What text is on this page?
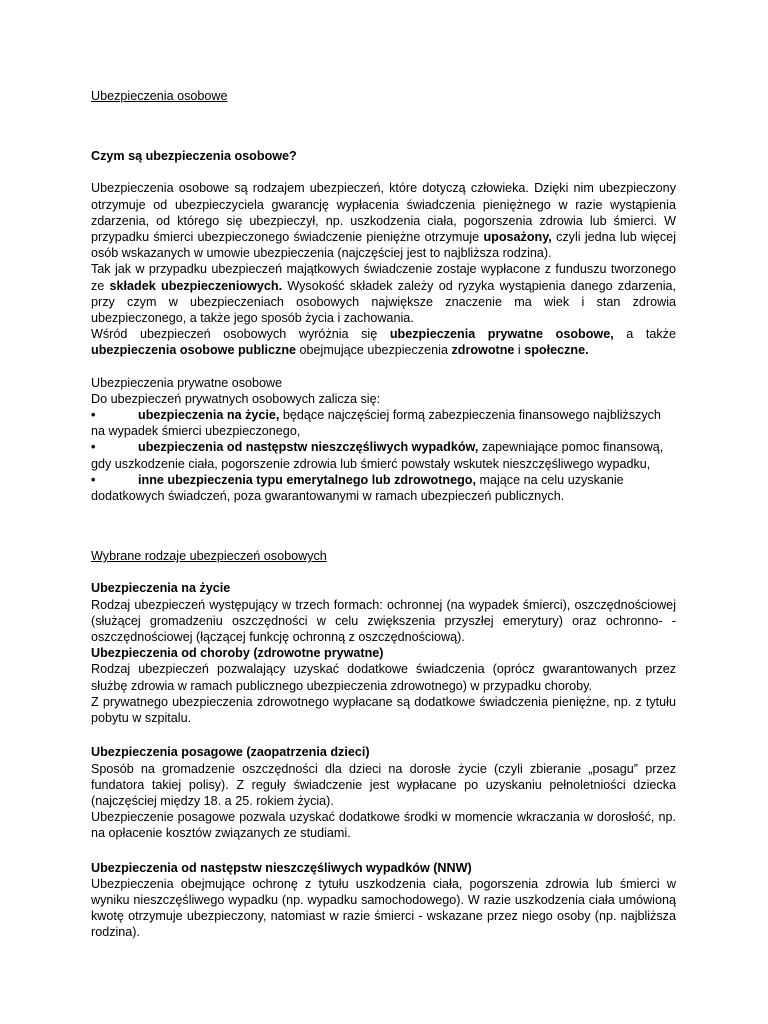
Ubezpieczenia osobowe

Czym są ubezpieczenia osobowe?

Ubezpieczenia osobowe są rodzajem ubezpieczeń, które dotyczą człowieka. Dzięki nim ubezpieczony otrzymuje od ubezpieczyciela gwarancję wypłacenia świadczenia pieniężnego w razie wystąpienia zdarzenia, od którego się ubezpieczył, np. uszkodzenia ciała, pogorszenia zdrowia lub śmierci. W przypadku śmierci ubezpieczonego świadczenie pieniężne otrzymuje uposażony, czyli jedna lub więcej osób wskazanych w umowie ubezpieczenia (najczęściej jest to najbliższa rodzina).

Tak jak w przypadku ubezpieczeń majątkowych świadczenie zostaje wypłacone z funduszu tworzonego ze składek ubezpieczeniowych. Wysokość składek zależy od ryzyka wystąpienia danego zdarzenia, przy czym w ubezpieczeniach osobowych największe znaczenie ma wiek i stan zdrowia ubezpieczonego, a także jego sposób życia i zachowania.

Wśród ubezpieczeń osobowych wyróżnia się ubezpieczenia prywatne osobowe, a także ubezpieczenia osobowe publiczne obejmujące ubezpieczenia zdrowotne i społeczne.

Ubezpieczenia prywatne osobowe

Do ubezpieczeń prywatnych osobowych zalicza się:

•	ubezpieczenia na życie, będące najczęściej formą zabezpieczenia finansowego najbliższych

na wypadek śmierci ubezpieczonego,

•	ubezpieczenia od następstw nieszczęśliwych wypadków, zapewniające pomoc finansową,

gdy uszkodzenie ciała, pogorszenie zdrowia lub śmierć powstały wskutek nieszczęśliwego wypadku,

•	inne ubezpieczenia typu emerytalnego lub zdrowotnego, mające na celu uzyskanie

dodatkowych świadczeń, poza gwarantowanymi w ramach ubezpieczeń publicznych.

Wybrane rodzaje ubezpieczeń osobowych

Ubezpieczenia na życie

Rodzaj ubezpieczeń występujący w trzech formach: ochronnej (na wypadek śmierci), oszczędnościowej (służącej gromadzeniu oszczędności w celu zwiększenia przyszłej emerytury) oraz ochronno- -oszczędnościowej (łączącej funkcję ochronną z oszczędnościową).

Ubezpieczenia od choroby (zdrowotne prywatne)

Rodzaj ubezpieczeń pozwalający uzyskać dodatkowe świadczenia (oprócz gwarantowanych przez służbę zdrowia w ramach publicznego ubezpieczenia zdrowotnego) w przypadku choroby.

Z prywatnego ubezpieczenia zdrowotnego wypłacane są dodatkowe świadczenia pieniężne, np. z tytułu pobytu w szpitalu.

Ubezpieczenia posagowe (zaopatrzenia dzieci)

Sposób na gromadzenie oszczędności dla dzieci na dorosłe życie (czyli zbieranie „posagu” przez fundatora takiej polisy). Z reguły świadczenie jest wypłacane po uzyskaniu pełnoletniości dziecka (najczęściej między 18. a 25. rokiem życia).

Ubezpieczenie posagowe pozwala uzyskać dodatkowe środki w momencie wkraczania w dorosłość, np. na opłacenie kosztów związanych ze studiami.

Ubezpieczenia od następstw nieszczęśliwych wypadków (NNW)

Ubezpieczenia obejmujące ochronę z tytułu uszkodzenia ciała, pogorszenia zdrowia lub śmierci w wyniku nieszczęśliwego wypadku (np. wypadku samochodowego). W razie uszkodzenia ciała umówioną kwotę otrzymuje ubezpieczony, natomiast w razie śmierci - wskazane przez niego osoby (np. najbliższa rodzina).
